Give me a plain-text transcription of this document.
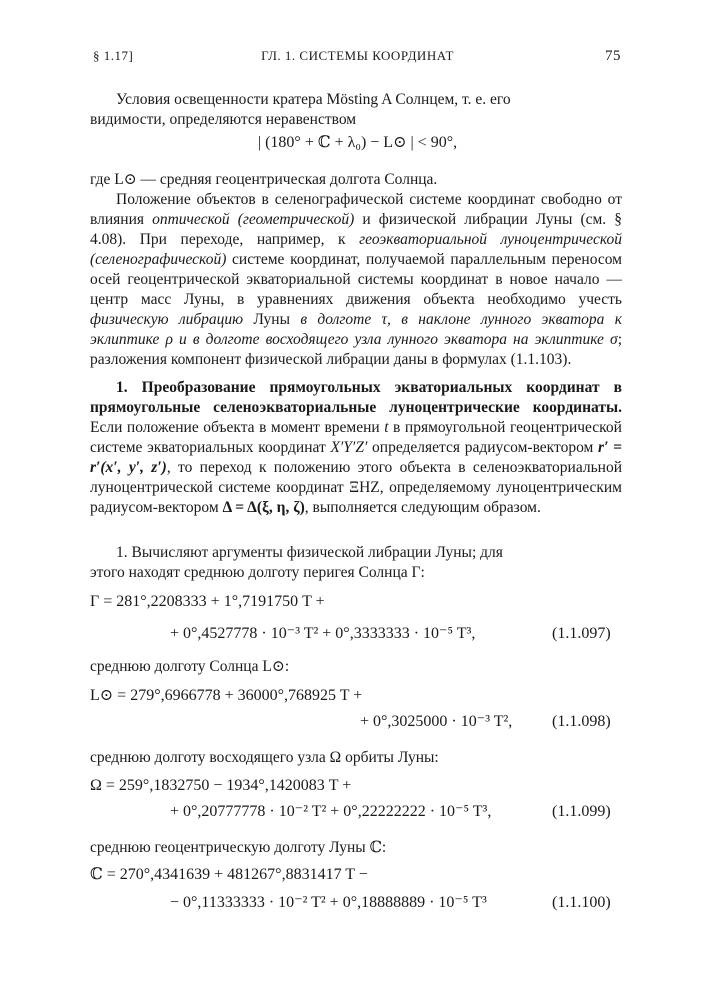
§ 1.17]	ГЛ. 1. СИСТЕМЫ КООРДИНАТ	75

Условия освещенности кратера Mösting A Солнцем, т. е. его

видимости, определяются неравенством

| (180° + ℂ + λ₀) − L⊙ | < 90°,

где L⊙ — средняя геоцентрическая долгота Солнца.

Положение объектов в селенографической системе координат свободно от влияния оптической (геометрической) и физической либрации Луны (см. § 4.08). При переходе, например, к геоэкваториальной луноцентрической (селенографической) системе координат, получаемой параллельным переносом осей геоцентрической экваториальной системы координат в новое начало — центр масс Луны, в уравнениях движения объекта необходимо учесть физическую либрацию Луны в долготе τ, в наклоне лунного экватора к эклиптике ρ и в долготе восходящего узла лунного экватора на эклиптике σ; разложения компонент физической либрации даны в формулах (1.1.103).

1. Преобразование прямоугольных экваториальных координат в прямоугольные селеноэкваториальные луноцентрические координаты. Если положение объекта в момент времени t в прямоугольной геоцентрической системе экваториальных координат X′Y′Z′ определяется радиусом-вектором r′ = r′(x′, y′, z′), то переход к положению этого объекта в селеноэкваториальной луноцентрической системе координат ΞHZ, определяемому луноцентрическим радиусом-вектором Δ = Δ(ξ, η, ζ), выполняется следующим образом.

1. Вычисляют аргументы физической либрации Луны; для

этого находят среднюю долготу перигея Солнца Γ:

Γ = 281°,2208333 + 1°,7191750 T +
+ 0°,4527778 · 10⁻³ T² + 0°,3333333 · 10⁻⁵ T³,	(1.1.097)
среднюю долготу Солнца L⊙:
L⊙ = 279°,6966778 + 36000°,768925 T +
+ 0°,3025000 · 10⁻³ T², (1.1.098)
среднюю долготу восходящего узла Ω орбиты Луны:
Ω = 259°,1832750 − 1934°,1420083 T +
+ 0°,20777778 · 10⁻² T² + 0°,22222222 · 10⁻⁵ T³,	(1.1.099)
среднюю геоцентрическую долготу Луны ℂ:
ℂ = 270°,4341639 + 481267°,8831417 T −
− 0°,11333333 · 10⁻² T² + 0°,18888889 · 10⁻⁵ T³	(1.1.100)
